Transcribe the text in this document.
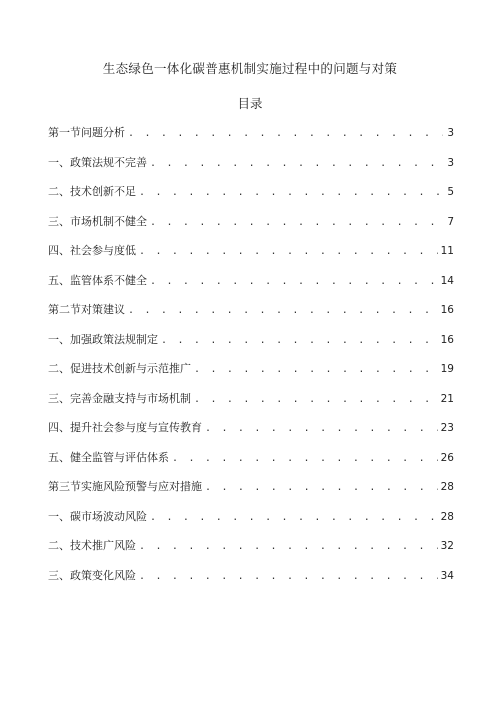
生态绿色一体化碳普惠机制实施过程中的问题与对策
目录
第一节问题分析 . . .	3
一、政策法规不完善 . . .	3
二、技术创新不足 . . .	5
三、市场机制不健全 . . .	7
四、社会参与度低 . . .	11
五、监管体系不健全 . . .	14
第二节对策建议 . . .	16
一、加强政策法规制定 . . .	16
二、促进技术创新与示范推广 . . .	19
三、完善金融支持与市场机制 . . .	21
四、提升社会参与度与宣传教育 . . .	23
五、健全监管与评估体系 . . .	26
第三节实施风险预警与应对措施 . . .	28
一、碳市场波动风险 . . .	28
二、技术推广风险 . . .	32
三、政策变化风险 . . .	34
